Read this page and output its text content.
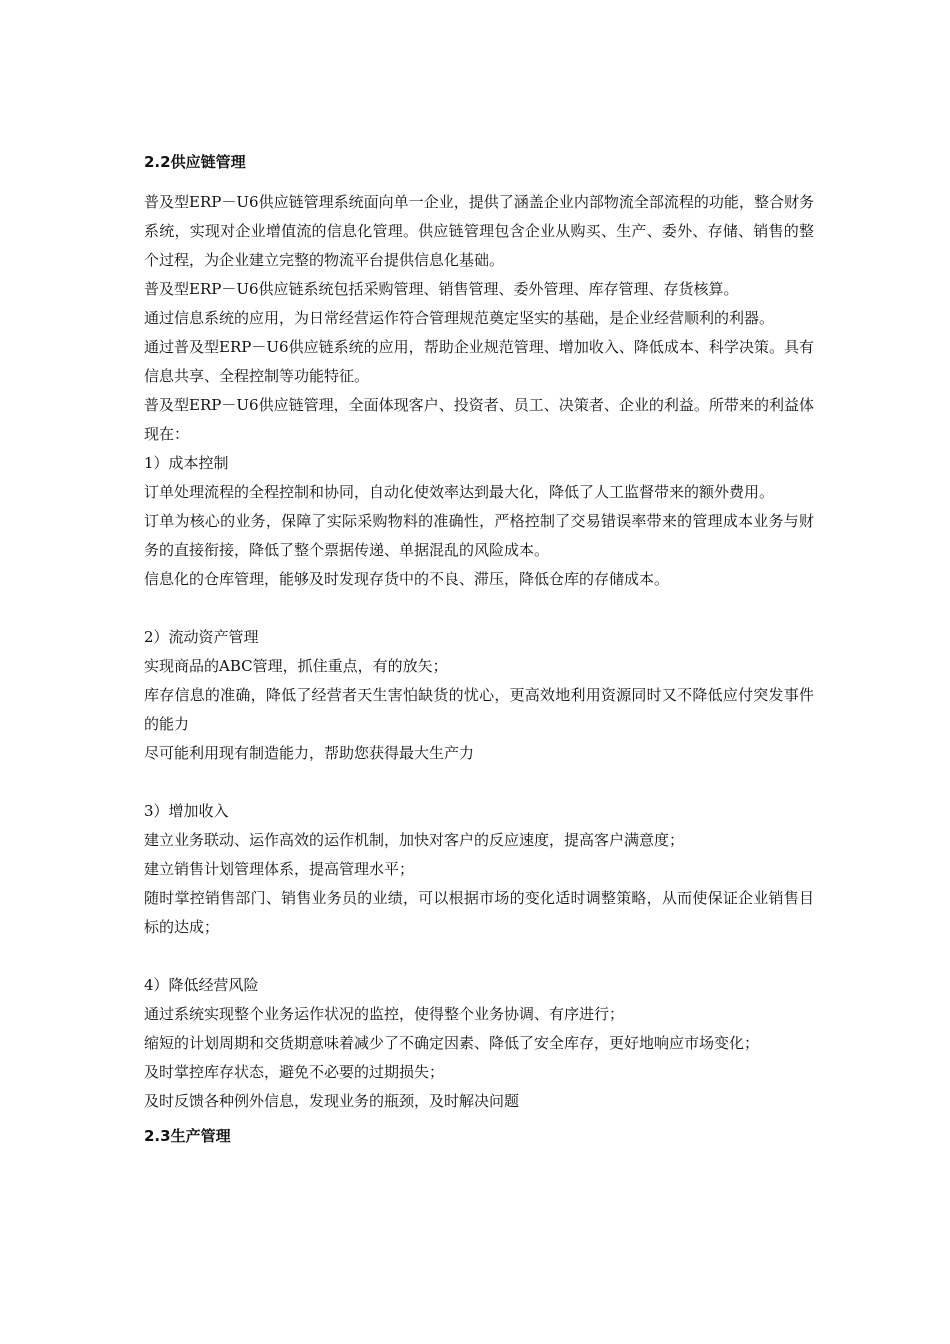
2.2供应链管理

普及型ERP－U6供应链管理系统面向单一企业，提供了涵盖企业内部物流全部流程的功能，整合财务系统，实现对企业增值流的信息化管理。供应链管理包含企业从购买、生产、委外、存储、销售的整个过程，为企业建立完整的物流平台提供信息化基础。

普及型ERP－U6供应链系统包括采购管理、销售管理、委外管理、库存管理、存货核算。

通过信息系统的应用，为日常经营运作符合管理规范奠定坚实的基础，是企业经营顺利的利器。

通过普及型ERP－U6供应链系统的应用，帮助企业规范管理、增加收入、降低成本、科学决策。具有信息共享、全程控制等功能特征。

普及型ERP－U6供应链管理，全面体现客户、投资者、员工、决策者、企业的利益。所带来的利益体现在：

1）成本控制

订单处理流程的全程控制和协同，自动化使效率达到最大化，降低了人工监督带来的额外费用。

订单为核心的业务，保障了实际采购物料的准确性，严格控制了交易错误率带来的管理成本业务与财务的直接衔接，降低了整个票据传递、单据混乱的风险成本。

信息化的仓库管理，能够及时发现存货中的不良、滞压，降低仓库的存储成本。

2）流动资产管理

实现商品的ABC管理，抓住重点，有的放矢；

库存信息的准确，降低了经营者天生害怕缺货的忧心，更高效地利用资源同时又不降低应付突发事件的能力

尽可能利用现有制造能力，帮助您获得最大生产力

3）增加收入

建立业务联动、运作高效的运作机制，加快对客户的反应速度，提高客户满意度；

建立销售计划管理体系，提高管理水平；

随时掌控销售部门、销售业务员的业绩，可以根据市场的变化适时调整策略，从而使保证企业销售目标的达成；

4）降低经营风险

通过系统实现整个业务运作状况的监控，使得整个业务协调、有序进行；

缩短的计划周期和交货期意味着减少了不确定因素、降低了安全库存，更好地响应市场变化；

及时掌控库存状态，避免不必要的过期损失；

及时反馈各种例外信息，发现业务的瓶颈，及时解决问题

2.3生产管理
